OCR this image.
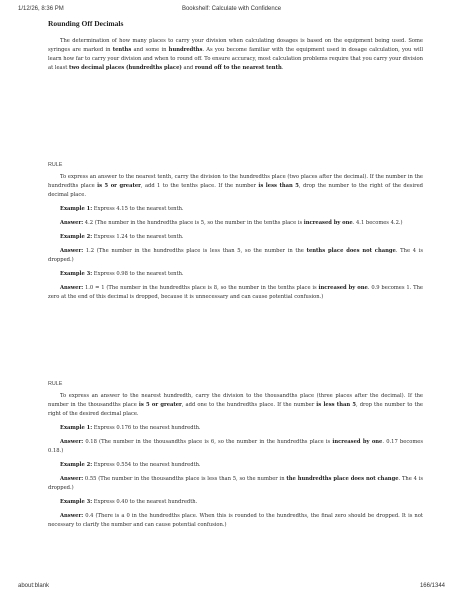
1/12/26, 8:36 PM	Bookshelf: Calculate with Confidence
Rounding Off Decimals

The determination of how many places to carry your division when calculating dosages is based on the equipment being used. Some syringes are marked in tenths and some in hundredths. As you become familiar with the equipment used in dosage calculation, you will learn how far to carry your division and when to round off. To ensure accuracy, most calculation problems require that you carry your division at least two decimal places (hundredths place) and round off to the nearest tenth.

RULE

To express an answer to the nearest tenth, carry the division to the hundredths place (two places after the decimal). If the number in the hundredths place is 5 or greater, add 1 to the tenths place. If the number is less than 5, drop the number to the right of the desired decimal place.

Example 1: Express 4.15 to the nearest tenth.

Answer: 4.2 (The number in the hundredths place is 5, so the number in the tenths place is increased by one. 4.1 becomes 4.2.)

Example 2: Express 1.24 to the nearest tenth.

Answer: 1.2 (The number in the hundredths place is less than 5, so the number in the tenths place does not change. The 4 is dropped.)

Example 3: Express 0.98 to the nearest tenth.

Answer: 1.0 = 1 (The number in the hundredths place is 8, so the number in the tenths place is increased by one. 0.9 becomes 1. The zero at the end of this decimal is dropped, because it is unnecessary and can cause potential confusion.)

RULE

To express an answer to the nearest hundredth, carry the division to the thousandths place (three places after the decimal). If the number in the thousandths place is 5 or greater, add one to the hundredths place. If the number is less than 5, drop the number to the right of the desired decimal place.

Example 1: Express 0.176 to the nearest hundredth.

Answer: 0.18 (The number in the thousandths place is 6, so the number in the hundredths place is increased by one. 0.17 becomes 0.18.)

Example 2: Express 0.554 to the nearest hundredth.

Answer: 0.55 (The number in the thousandths place is less than 5, so the number in the hundredths place does not change. The 4 is dropped.)

Example 3: Express 0.40 to the nearest hundredth.

Answer: 0.4 (There is a 0 in the hundredths place. When this is rounded to the hundredths, the final zero should be dropped. It is not necessary to clarify the number and can cause potential confusion.)

about:blank	166/1344
